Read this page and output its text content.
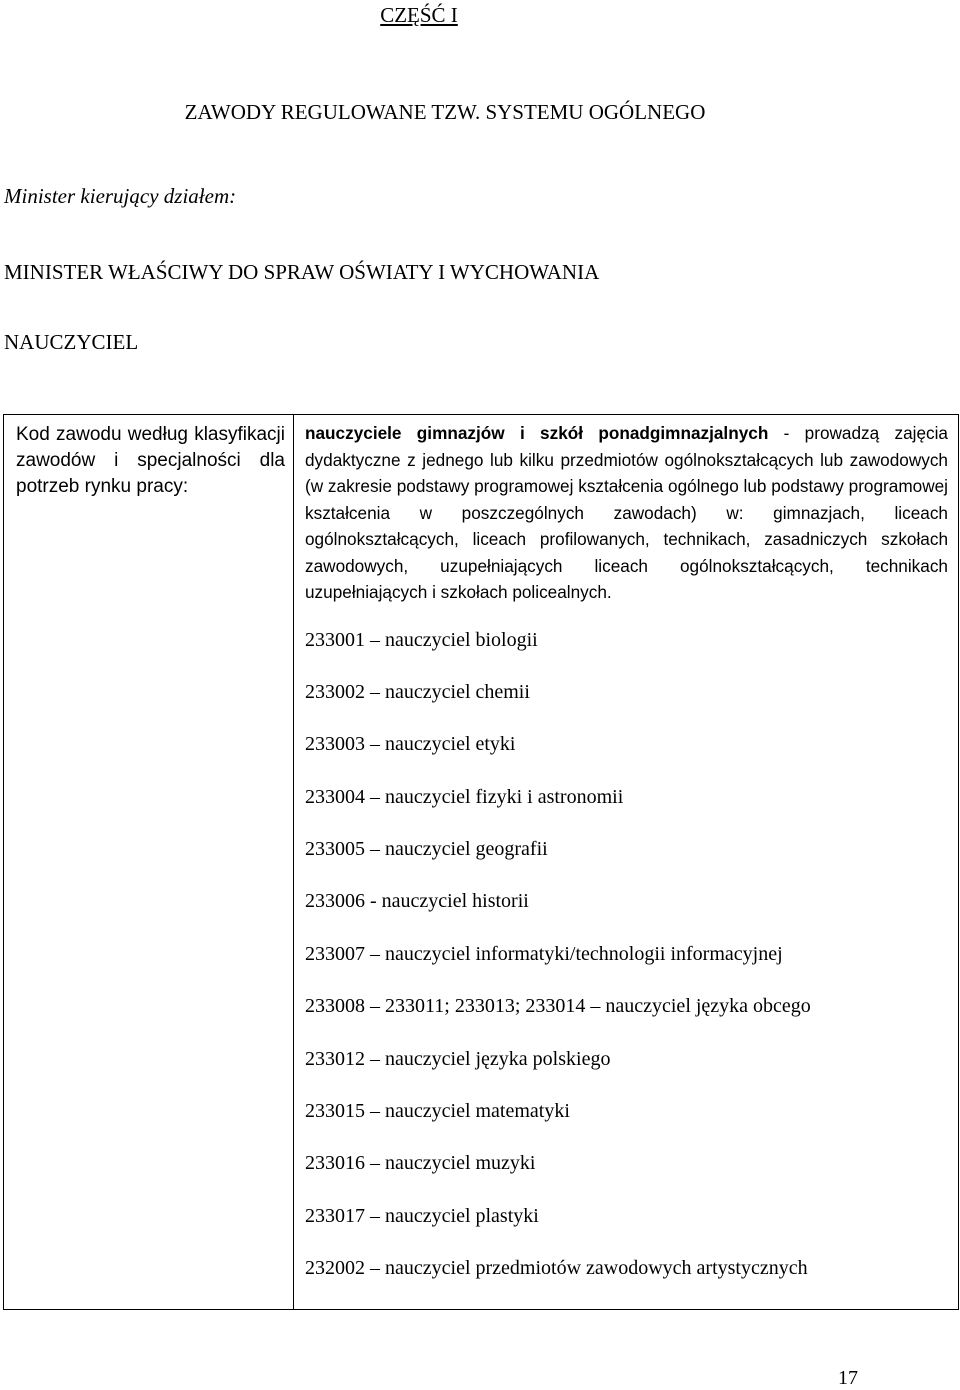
CZĘŚĆ I
ZAWODY REGULOWANE TZW. SYSTEMU OGÓLNEGO
Minister kierujący działem:
MINISTER WŁAŚCIWY DO SPRAW OŚWIATY I WYCHOWANIA
NAUCZYCIEL
Kod zawodu według klasyfikacji zawodów i specjalności dla potrzeb rynku pracy:

nauczyciele gimnazjów i szkół ponadgimnazjalnych - prowadzą zajęcia dydaktyczne z jednego lub kilku przedmiotów ogólnokształcących lub zawodowych (w zakresie podstawy programowej kształcenia ogólnego lub podstawy programowej kształcenia w poszczególnych zawodach) w: gimnazjach, liceach ogólnokształcących, liceach profilowanych, technikach, zasadniczych szkołach zawodowych, uzupełniających liceach ogólnokształcących, technikach uzupełniających i szkołach policealnych.

233001 – nauczyciel biologii
233002 – nauczyciel chemii
233003 – nauczyciel etyki
233004 – nauczyciel fizyki i astronomii
233005 – nauczyciel geografii
233006 - nauczyciel historii
233007 – nauczyciel informatyki/technologii informacyjnej
233008 – 233011; 233013; 233014 – nauczyciel języka obcego
233012 – nauczyciel języka polskiego
233015 – nauczyciel matematyki
233016 – nauczyciel muzyki
233017 – nauczyciel plastyki
232002 – nauczyciel przedmiotów zawodowych artystycznych
17
